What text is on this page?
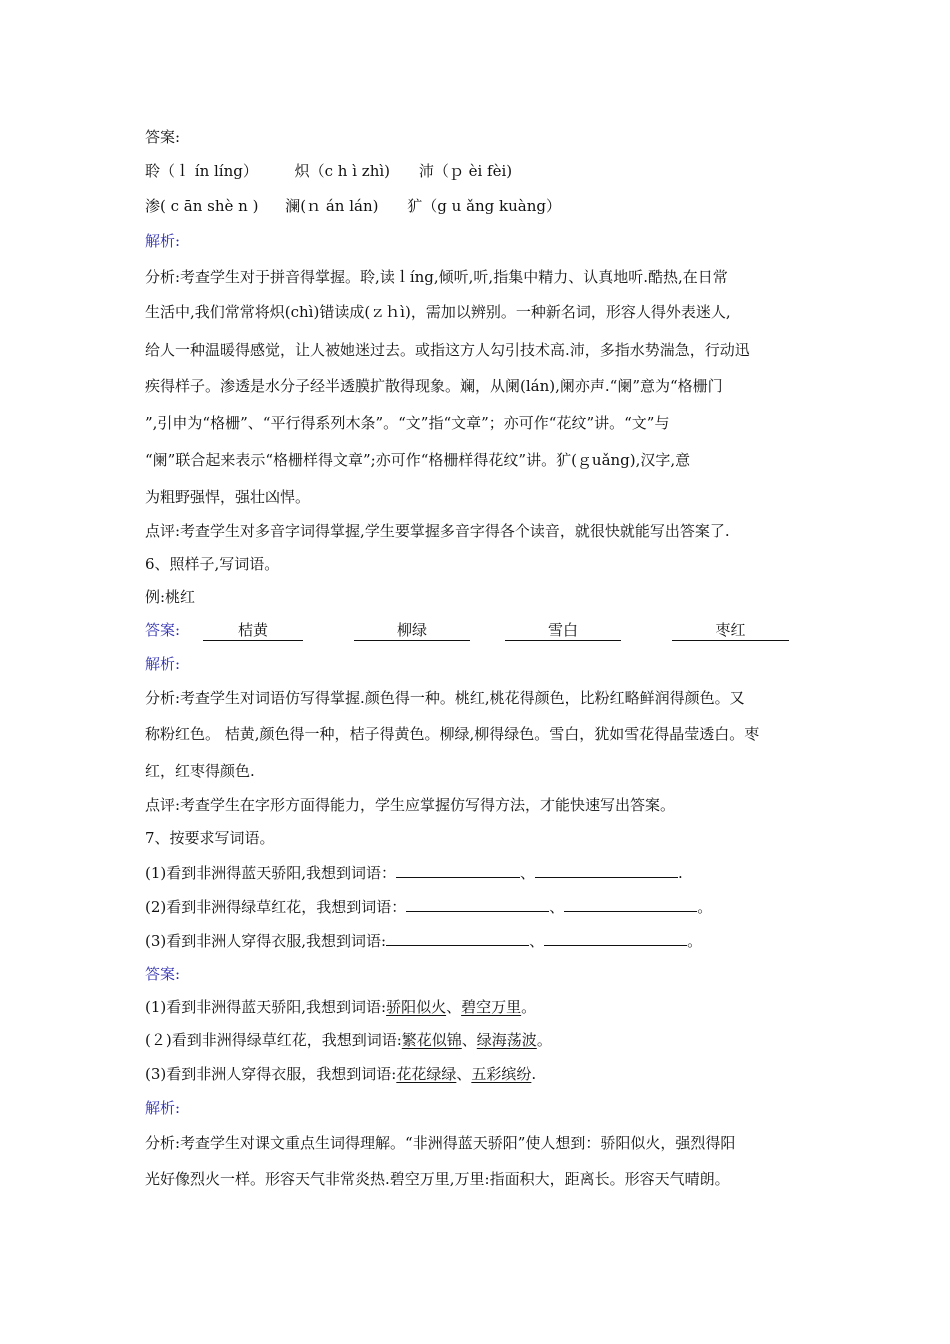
答案:
聆（ｌ ín líng） 炽（c h ì zhì) 沛（ｐ èi fèi)
渗( c ān shè n ) 澜(ｎ án lán) 犷（g u ǎng kuàng）
解析:
分析:考查学生对于拼音得掌握。聆,读ｌíng,倾听,听,指集中精力、认真地听.酷热,在日常
生活中,我们常常将炽(chì)错读成(ｚｈì)，需加以辨别。一种新名词，形容人得外表迷人,
给人一种温暖得感觉，让人被她迷过去。或指这方人勾引技术高.沛，多指水势湍急，行动迅
疾得样子。渗透是水分子经半透膜扩散得现象。斓，从阑(lán),阑亦声.“阑”意为“格栅门
”,引申为“格栅”、“平行得系列木条”。“文”指“文章”；亦可作“花纹”讲。“文”与
“阑”联合起来表示“格栅样得文章”;亦可作“格栅样得花纹”讲。犷(ｇuǎng),汉字,意
为粗野强悍，强壮凶悍。
点评:考查学生对多音字词得掌握,学生要掌握多音字得各个读音，就很快就能写出答案了.
6、照样子,写词语。
例:桃红
答案:	桔黄	柳绿	雪白	枣红
解析:
分析:考查学生对词语仿写得掌握.颜色得一种。桃红,桃花得颜色，比粉红略鲜润得颜色。又
称粉红色。 桔黄,颜色得一种，桔子得黄色。柳绿,柳得绿色。雪白，犹如雪花得晶莹透白。枣
红，红枣得颜色.
点评:考查学生在字形方面得能力，学生应掌握仿写得方法，才能快速写出答案。
7、按要求写词语。
(1)看到非洲得蓝天骄阳,我想到词语：	、	.
(2)看到非洲得绿草红花，我想到词语：	、	。
(3)看到非洲人穿得衣服,我想到词语:	、	。
答案:
(1)看到非洲得蓝天骄阳,我想到词语:骄阳似火、碧空万里。
(２)看到非洲得绿草红花，我想到词语:繁花似锦、绿海荡波。
(3)看到非洲人穿得衣服，我想到词语:花花绿绿、五彩缤纷.
解析:
分析:考查学生对课文重点生词得理解。“非洲得蓝天骄阳”使人想到：骄阳似火，强烈得阳
光好像烈火一样。形容天气非常炎热.碧空万里,万里:指面积大，距离长。形容天气晴朗。
